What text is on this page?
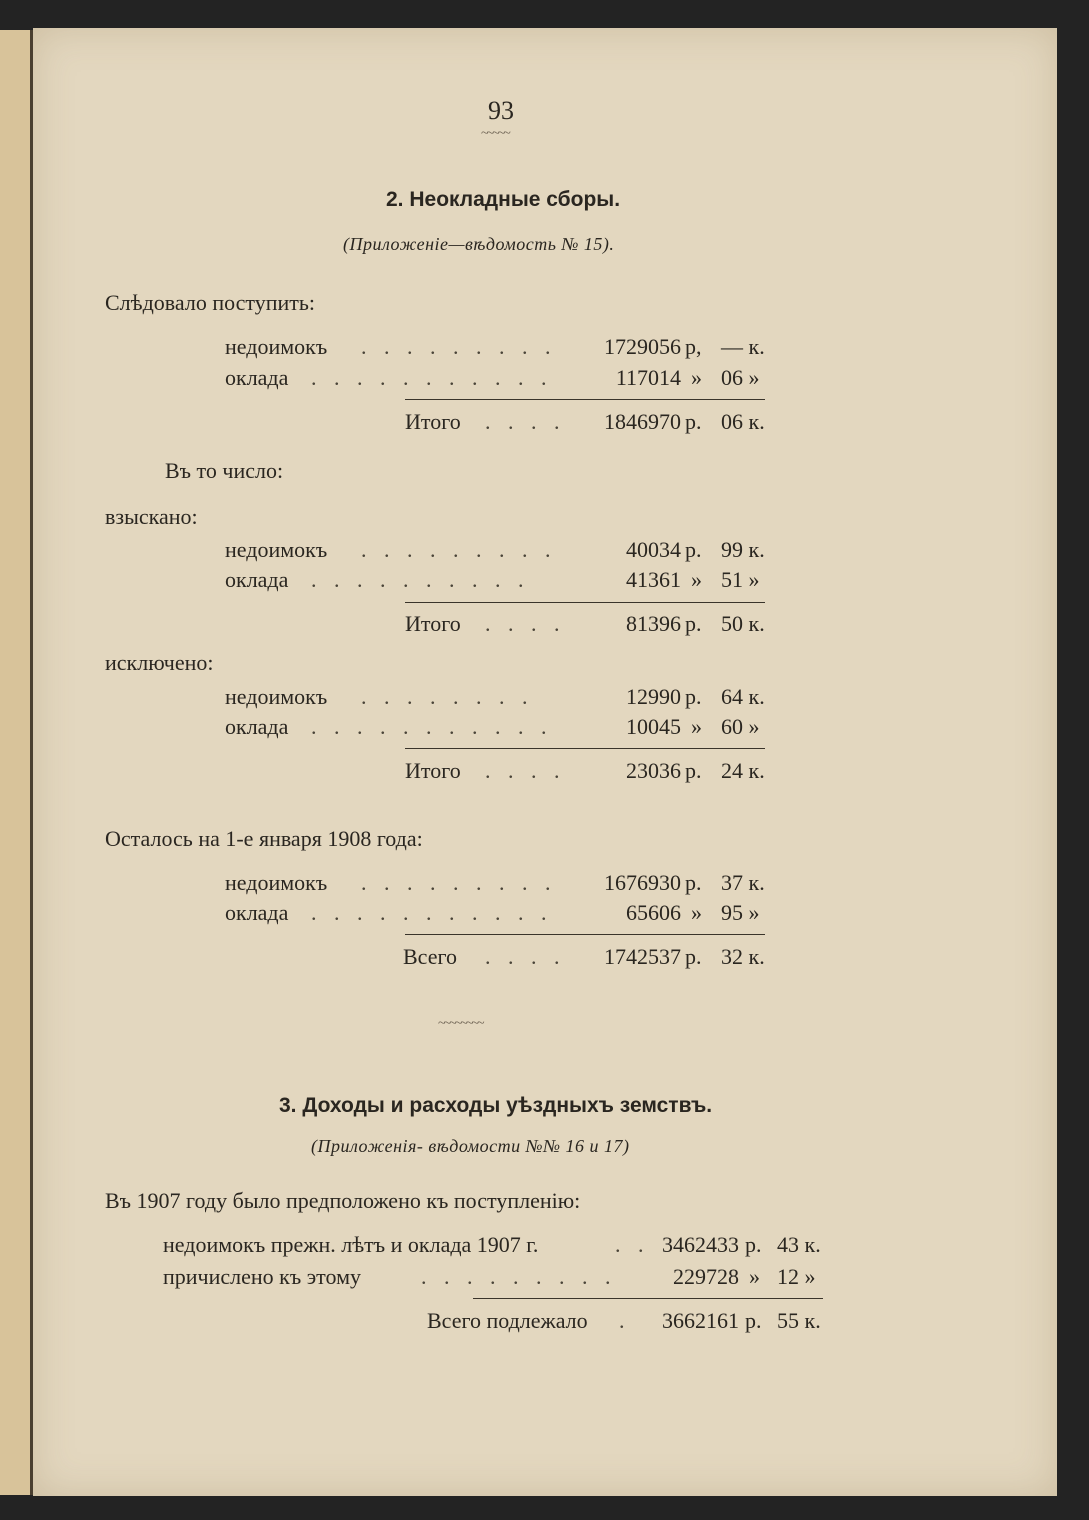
93
~~~~~
2. Неокладные сборы.
(Приложеніе—вѣдомость № 15).
Слѣдовало поступить:
недоимокъ . . . . . . . . .	1729056 р, — к.
оклада . . . . . . . . . . .	117014 » 06 »
Итого . . . .	1846970 р. 06 к.
Въ то число:
взыскано:
недоимокъ . . . . . . . . .	40034 р. 99 к.
оклада . . . . . . . . . .	41361 » 51 »
Итого . . . .	81396 р. 50 к.
исключено:
недоимокъ . . . . . . . .	12990 р. 64 к.
оклада . . . . . . . . . . .	10045 » 60 »
Итого . . . .	23036 р. 24 к.
Осталось на 1-е января 1908 года:
недоимокъ . . . . . . . . .	1676930 р. 37 к.
оклада . . . . . . . . . . .	65606 » 95 »
Всего . . . .	1742537 р. 32 к.
~~~~~~~~
3. Доходы и расходы уѣздныхъ земствъ.
(Приложенія- вѣдомости №№ 16 и 17)
Въ 1907 году было предположено къ поступленію:
недоимокъ прежн. лѣтъ и оклада 1907 г.	. . 3462433 р. 43 к.
причислено къ этому	. . . . . . . . .	229728 » 12 »
Всего подлежало .	3662161 р. 55 к.
